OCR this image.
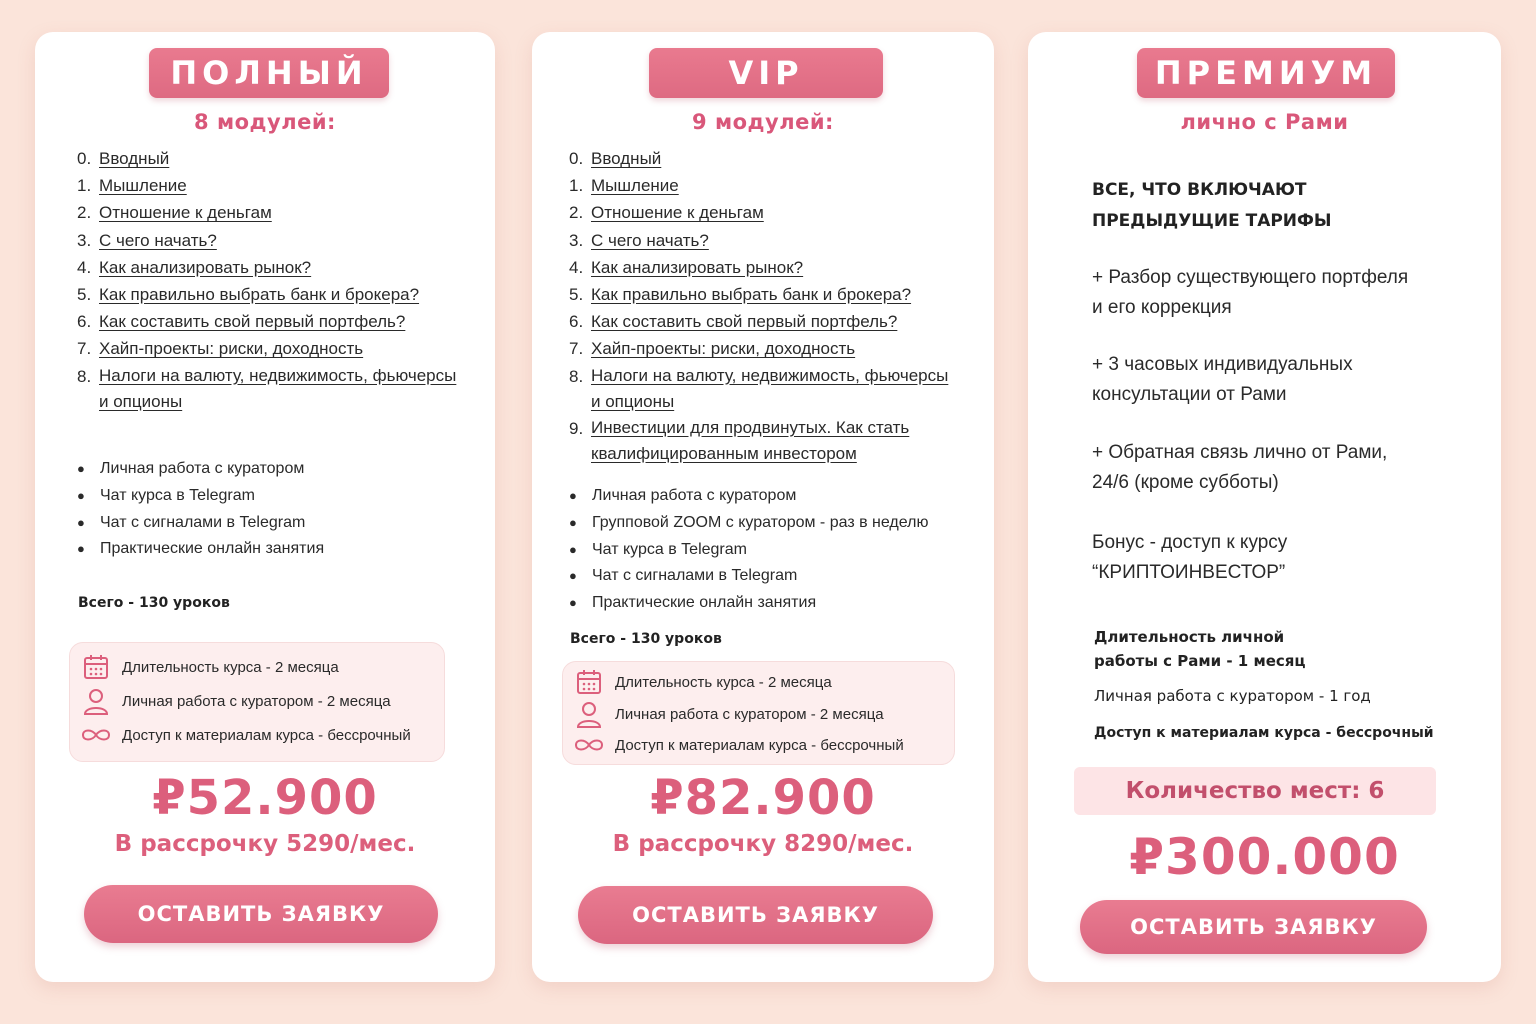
ПОЛНЫЙ
8 модулей:
0. Вводный
1. Мышление
2. Отношение к деньгам
3. С чего начать?
4. Как анализировать рынок?
5. Как правильно выбрать банк и брокера?
6. Как составить свой первый портфель?
7. Хайп-проекты: риски, доходность
8. Налоги на валюту, недвижимость, фьючерсы
и опционы
● Личная работа с куратором
● Чат курса в Telegram
● Чат с сигналами в Telegram
● Практические онлайн занятия
Всего - 130 уроков
Длительность курса - 2 месяца
Личная работа с куратором - 2 месяца
Доступ к материалам курса - бессрочный
₽52.900
В рассрочку 5290/мес.
ОСТАВИТЬ ЗАЯВКУ
VIP
9 модулей:
0. Вводный
1. Мышление
2. Отношение к деньгам
3. С чего начать?
4. Как анализировать рынок?
5. Как правильно выбрать банк и брокера?
6. Как составить свой первый портфель?
7. Хайп-проекты: риски, доходность
8. Налоги на валюту, недвижимость, фьючерсы
и опционы
9. Инвестиции для продвинутых. Как стать
квалифицированным инвестором
● Личная работа с куратором
● Групповой ZOOM с куратором - раз в неделю
● Чат курса в Telegram
● Чат с сигналами в Telegram
● Практические онлайн занятия
Всего - 130 уроков
Длительность курса - 2 месяца
Личная работа с куратором - 2 месяца
Доступ к материалам курса - бессрочный
₽82.900
В рассрочку 8290/мес.
ОСТАВИТЬ ЗАЯВКУ
ПРЕМИУМ
лично с Рами
ВСЕ, ЧТО ВКЛЮЧАЮТ
ПРЕДЫДУЩИЕ ТАРИФЫ
+ Разбор существующего портфеля
и его коррекция
+ 3 часовых индивидуальных
консультации от Рами
+ Обратная связь лично от Рами,
24/6 (кроме субботы)
Бонус - доступ к курсу
“КРИПТОИНВЕСТОР”
Длительность личной
работы с Рами - 1 месяц
Личная работа с куратором - 1 год
Доступ к материалам курса - бессрочный
Количество мест: 6
₽300.000
ОСТАВИТЬ ЗАЯВКУ
